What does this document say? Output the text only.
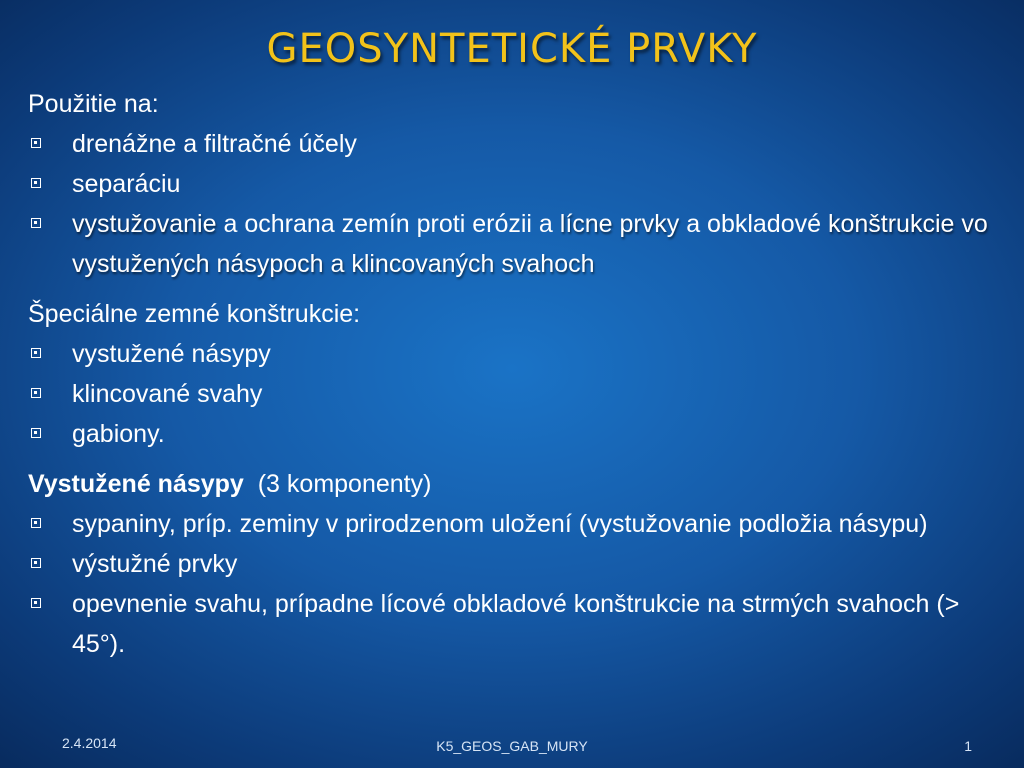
GEOSYNTETICKÉ PRVKY

Použitie na:

drenážne a filtračné účely
separáciu
vystužovanie a ochrana zemín proti erózii a lícne prvky a obkladové konštrukcie vo vystužených násypoch a klincovaných svahoch

Špeciálne zemné konštrukcie:

vystužené násypy
klincované svahy
gabiony.

Vystužené násypy  (3 komponenty)

sypaniny, príp. zeminy v prirodzenom uložení (vystužovanie podložia násypu)
výstužné prvky
opevnenie svahu, prípadne lícové obkladové konštrukcie na strmých svahoch (> 45°).
2.4.2014	K5_GEOS_GAB_MURY	1
